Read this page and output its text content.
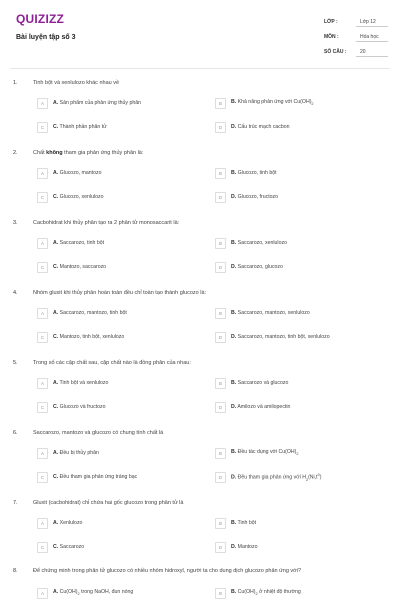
QUIZIZZ
Bài luyện tập số 3
LỚP :	Lớp 12
MÔN :	Hóa học
SỐ CÂU :	20
1.	Tinh bột và xenlulozo khác nhau về
A	A. Sản phẩm của phản ứng thủy phân	B	B. Khả năng phản ứng với $Cu(OH)_2$
C	C. Thành phần phân tử	D	D. Cấu trúc mạch cacbon
2.	Chất không tham gia phản ứng thủy phân là:
A	A. Glucozo, mantozo	B	B. Glucozo, tinh bột
C	C. Glucozo, xenlulozo	D	D. Glucozo, fructozo
3.	Cacbohidrat khi thủy phân tạo ra 2 phân tử monosaccarit là:
A	A. Saccarozo, tinh bột	B	B. Saccarozo, xenlulozo
C	C. Mantozo, saccarozo	D	D. Saccarozo, glucozo
4.	Nhóm gluxit khi thủy phân hoàn toàn đều chỉ toàn tạo thành glucozo là:
A	A. Saccarozo, mantozo, tinh bột	B	B. Saccarozo, mantozo, xenlulozo
C	C. Mantozo, tinh bột, xenlulozo	D	D. Saccarozo, mantozo, tinh bột, xenlulozo
5.	Trong số các cặp chất sau, cặp chất nào là đồng phân của nhau:
A	A. Tinh bột và xenlulozo	B	B. Saccarozo và glucozo
C	C. Glucozo và fructozo	D	D. Amilozo và amilopectin
6.	Saccarozo, mantozo và glucozo có chung tính chất là
A	A. Đều bị thủy phân	B	B. Đều tác dụng với $Cu(OH)_2$
C	C. Đều tham gia phản ứng tráng bạc	D	D. Đều tham gia phản ứng với $H_2(Ni,t^0)$
7.	Gluxit (cacbohidrat) chỉ chứa hai gốc glucozo trong phân tử là
A	A. Xenlulozo	B	B. Tinh bột
C	C. Saccarozo	D	D. Mantozo
8.	Để chứng minh trong phân tử glucozo có nhiều nhóm hidroxyl, người ta cho dung dịch glucozo phản ứng với?
A	A. $Cu(OH)_2$ trong NaOH, đun nóng	B	B. $Cu(OH)_2$ ở nhiệt độ thường
